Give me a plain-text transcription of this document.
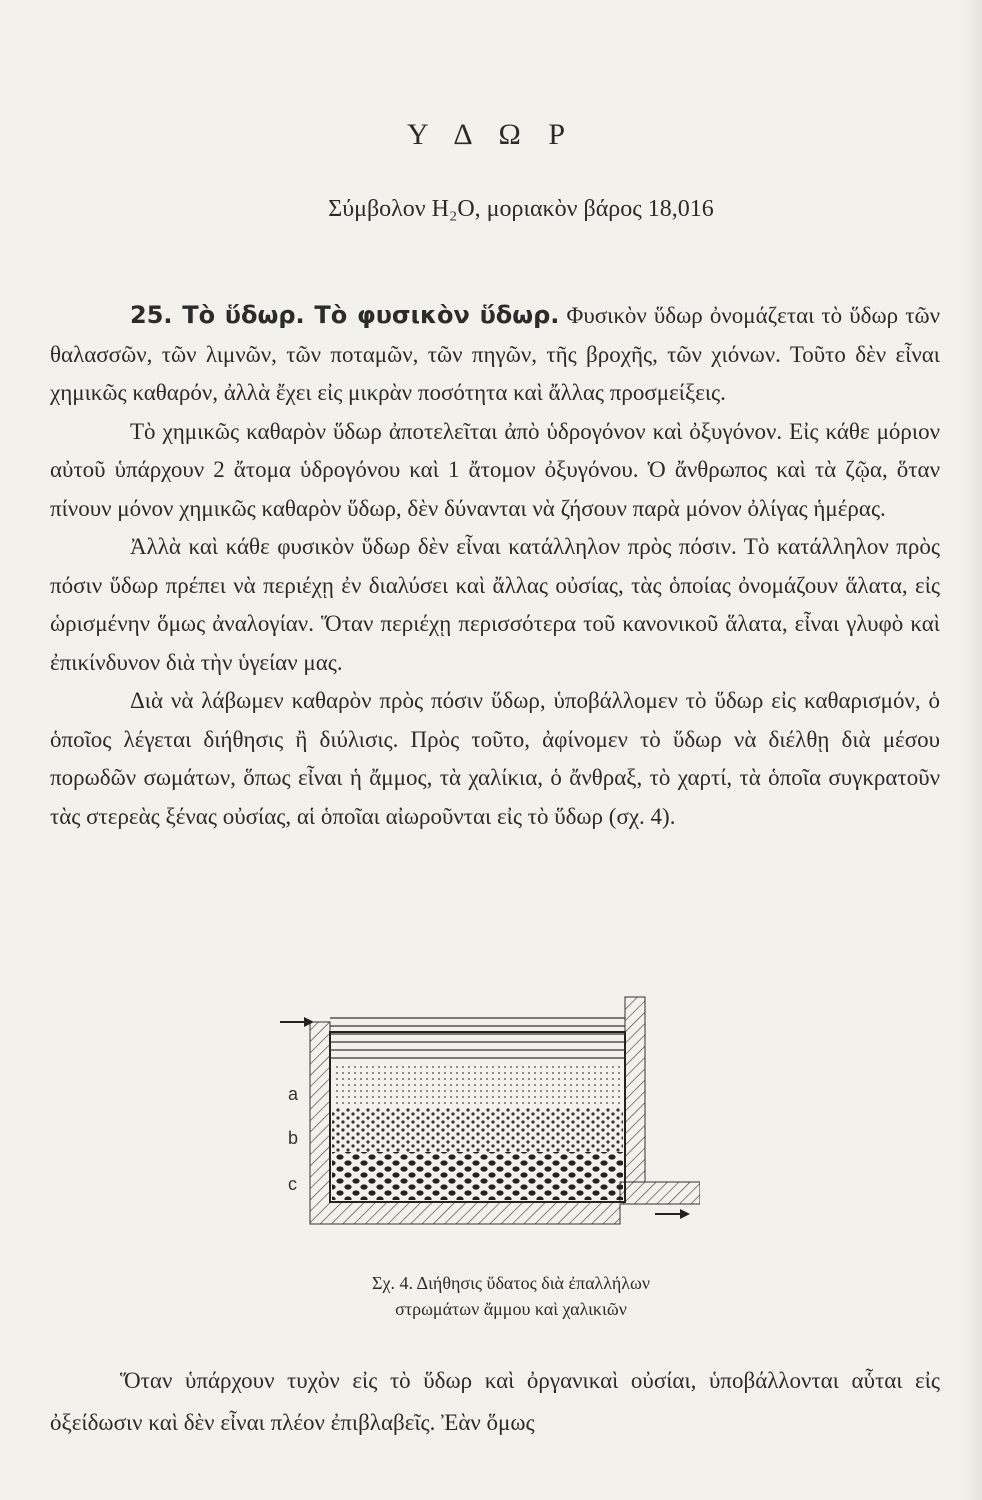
Υ Δ Ω Ρ
Σύμβολον H₂O, μοριακὸν βάρος 18,016

25. Τὸ ὕδωρ. Τὸ φυσικὸν ὕδωρ. Φυσικὸν ὕδωρ ὀνομάζεται τὸ ὕδωρ τῶν θαλασσῶν, τῶν λιμνῶν, τῶν ποταμῶν, τῶν πηγῶν, τῆς βροχῆς, τῶν χιόνων. Τοῦτο δὲν εἶναι χημικῶς καθαρόν, ἀλλὰ ἔχει εἰς μικρὰν ποσότητα καὶ ἄλλας προσμείξεις.

Τὸ χημικῶς καθαρὸν ὕδωρ ἀποτελεῖται ἀπὸ ὑδρογόνον καὶ ὀξυγόνον. Εἰς κάθε μόριον αὐτοῦ ὑπάρχουν 2 ἄτομα ὑδρογόνου καὶ 1 ἄτομον ὀξυγόνου. Ὁ ἄνθρωπος καὶ τὰ ζῷα, ὅταν πίνουν μόνον χημικῶς καθαρὸν ὕδωρ, δὲν δύνανται νὰ ζήσουν παρὰ μόνον ὀλίγας ἡμέρας.

Ἀλλὰ καὶ κάθε φυσικὸν ὕδωρ δὲν εἶναι κατάλληλον πρὸς πόσιν. Τὸ κατάλληλον πρὸς πόσιν ὕδωρ πρέπει νὰ περιέχῃ ἐν διαλύσει καὶ ἄλλας οὐσίας, τὰς ὁποίας ὀνομάζουν ἅλατα, εἰς ὡρισμένην ὅμως ἀναλογίαν. Ὅταν περιέχῃ περισσότερα τοῦ κανονικοῦ ἅλατα, εἶναι γλυφὸ καὶ ἐπικίνδυνον διὰ τὴν ὑγείαν μας.

Διὰ νὰ λάβωμεν καθαρὸν πρὸς πόσιν ὕδωρ, ὑποβάλλομεν τὸ ὕδωρ εἰς καθαρισμόν, ὁ ὁποῖος λέγεται διήθησις ἢ διύλισις. Πρὸς τοῦτο, ἀφίνομεν τὸ ὕδωρ νὰ διέλθῃ διὰ μέσου πορωδῶν σωμάτων, ὅπως εἶναι ἡ ἄμμος, τὰ χαλίκια, ὁ ἄνθραξ, τὸ χαρτί, τὰ ὁποῖα συγκρατοῦν τὰς στερεὰς ξένας οὐσίας, αἱ ὁποῖαι αἰωροῦνται εἰς τὸ ὕδωρ (σχ. 4).

a
b
c
Σχ. 4. Διήθησις ὕδατος διὰ ἐπαλλήλων
στρωμάτων ἄμμου καὶ χαλικιῶν

Ὅταν ὑπάρχουν τυχὸν εἰς τὸ ὕδωρ καὶ ὀργανικαὶ οὐσίαι, ὑποβάλλονται αὗται εἰς ὀξείδωσιν καὶ δὲν εἶναι πλέον ἐπιβλαβεῖς. Ἐὰν ὅμως
